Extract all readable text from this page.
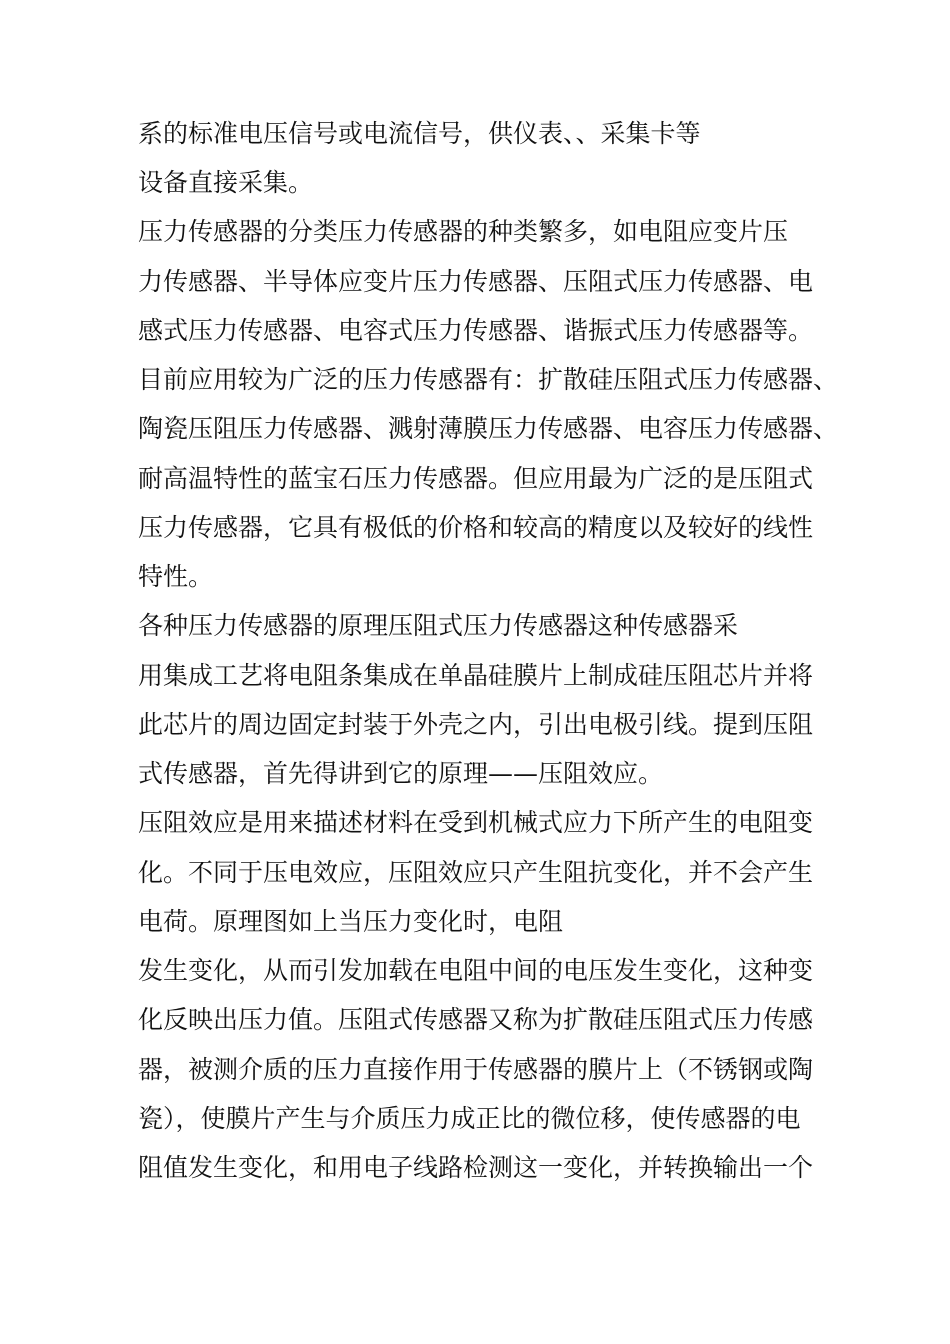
系的标准电压信号或电流信号，供仪表、、采集卡等
设备直接采集。
压力传感器的分类压力传感器的种类繁多，如电阻应变片压
力传感器、半导体应变片压力传感器、压阻式压力传感器、电
感式压力传感器、电容式压力传感器、谐振式压力传感器等。
目前应用较为广泛的压力传感器有：扩散硅压阻式压力传感器、
陶瓷压阻压力传感器、溅射薄膜压力传感器、电容压力传感器、
耐高温特性的蓝宝石压力传感器。但应用最为广泛的是压阻式
压力传感器，它具有极低的价格和较高的精度以及较好的线性
特性。
各种压力传感器的原理压阻式压力传感器这种传感器采
用集成工艺将电阻条集成在单晶硅膜片上制成硅压阻芯片并将
此芯片的周边固定封装于外壳之内，引出电极引线。提到压阻
式传感器，首先得讲到它的原理——压阻效应。
压阻效应是用来描述材料在受到机械式应力下所产生的电阻变
化。不同于压电效应，压阻效应只产生阻抗变化，并不会产生
电荷。原理图如上当压力变化时，电阻
发生变化，从而引发加载在电阻中间的电压发生变化，这种变
化反映出压力值。压阻式传感器又称为扩散硅压阻式压力传感
器，被测介质的压力直接作用于传感器的膜片上（不锈钢或陶
瓷），使膜片产生与介质压力成正比的微位移，使传感器的电
阻值发生变化，和用电子线路检测这一变化，并转换输出一个
